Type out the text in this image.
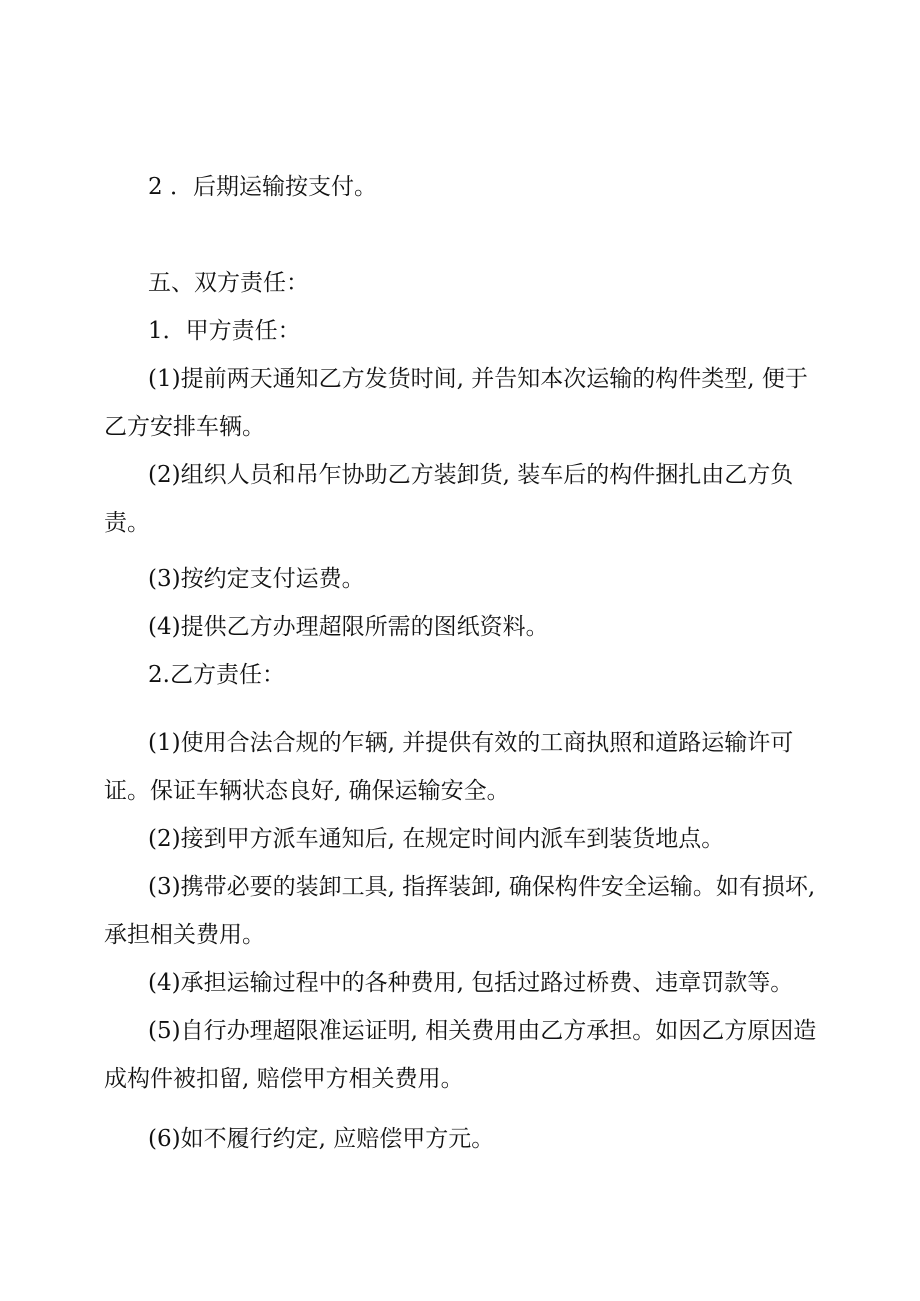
2 ．后期运输按支付。
五、双方责任：
1．甲方责任：
(1)提前两天通知乙方发货时间, 并告知本次运输的构件类型, 便于
乙方安排车辆。
(2)组织人员和吊乍协助乙方装卸货, 装车后的构件捆扎由乙方负
责。
(3)按约定支付运费。
(4)提供乙方办理超限所需的图纸资料。
2.乙方责任：
(1)使用合法合规的乍辆, 并提供有效的工商执照和道路运输许可
证。保证车辆状态良好, 确保运输安全。
(2)接到甲方派车通知后, 在规定时间内派车到装货地点。
(3)携带必要的装卸工具, 指挥装卸, 确保构件安全运输。如有损坏,
承担相关费用。
(4)承担运输过程中的各种费用, 包括过路过桥费、违章罚款等。
(5)自行办理超限准运证明, 相关费用由乙方承担。如因乙方原因造
成构件被扣留, 赔偿甲方相关费用。
(6)如不履行约定, 应赔偿甲方元。
